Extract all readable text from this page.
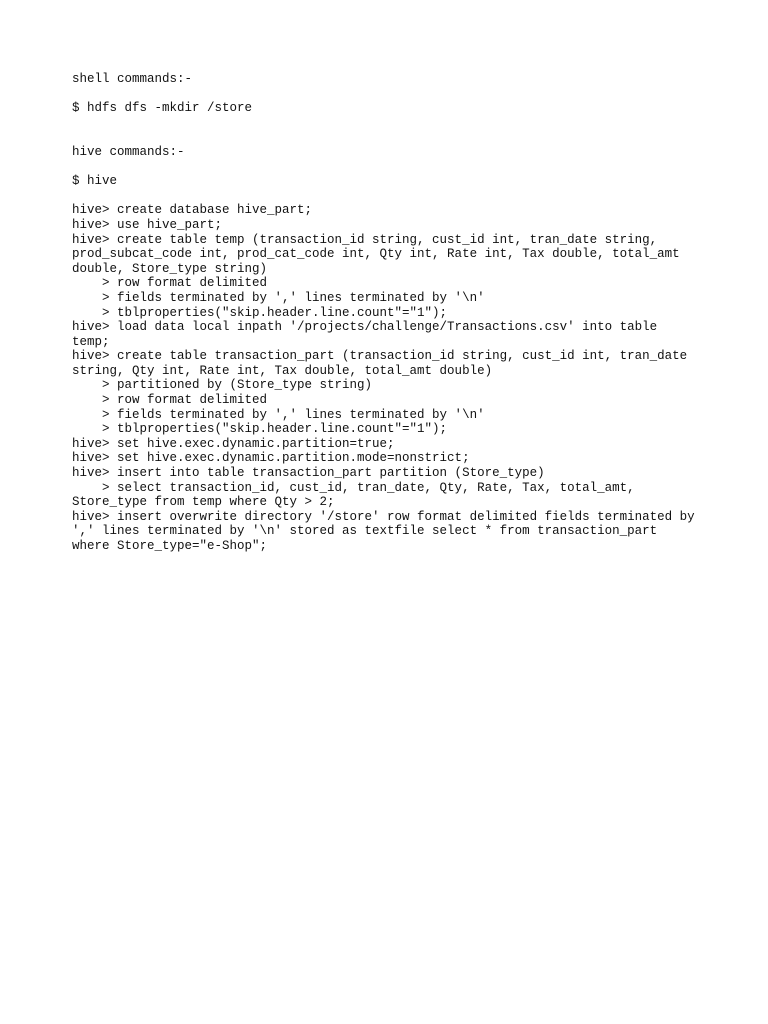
shell commands:-
$ hdfs dfs -mkdir /store
hive commands:-
$ hive
hive> create database hive_part;
hive> use hive_part;
hive> create table temp (transaction_id string, cust_id int, tran_date string,
prod_subcat_code int, prod_cat_code int, Qty int, Rate int, Tax double, total_amt
double, Store_type string)
> row format delimited
> fields terminated by ',' lines terminated by '\n'
> tblproperties("skip.header.line.count"="1");
hive> load data local inpath '/projects/challenge/Transactions.csv' into table
temp;
hive> create table transaction_part (transaction_id string, cust_id int, tran_date
string, Qty int, Rate int, Tax double, total_amt double)
> partitioned by (Store_type string)
> row format delimited
> fields terminated by ',' lines terminated by '\n'
> tblproperties("skip.header.line.count"="1");
hive> set hive.exec.dynamic.partition=true;
hive> set hive.exec.dynamic.partition.mode=nonstrict;
hive> insert into table transaction_part partition (Store_type)
> select transaction_id, cust_id, tran_date, Qty, Rate, Tax, total_amt,
Store_type from temp where Qty > 2;
hive> insert overwrite directory '/store' row format delimited fields terminated by
',' lines terminated by '\n' stored as textfile select * from transaction_part
where Store_type="e-Shop";
